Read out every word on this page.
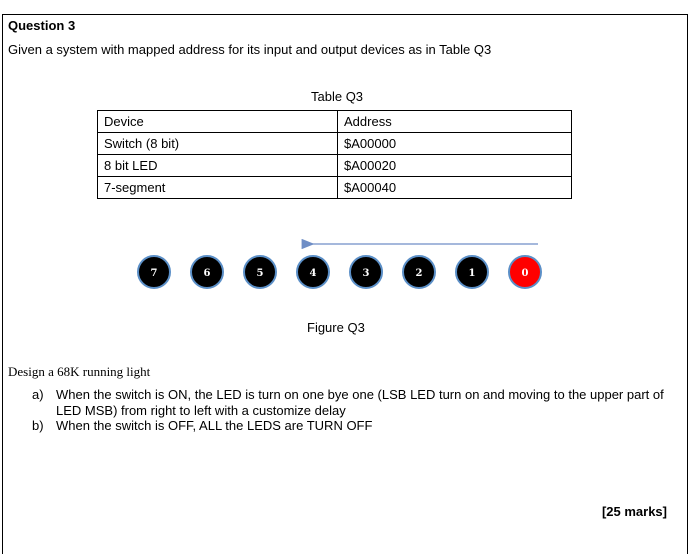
Question 3
Given a system with mapped address for its input and output devices as in Table Q3
Table Q3
Device	Address
Switch (8 bit)	$A00000
8 bit LED	$A00020
7-segment	$A00040
7	6	5	4	3	2	1	0
Figure Q3
Design a 68K running light
a) When the switch is ON, the LED is turn on one bye one (LSB LED turn on and moving to the upper part of LED MSB) from right to left with a customize delay
b) When the switch is OFF, ALL the LEDS are TURN OFF
[25 marks]
